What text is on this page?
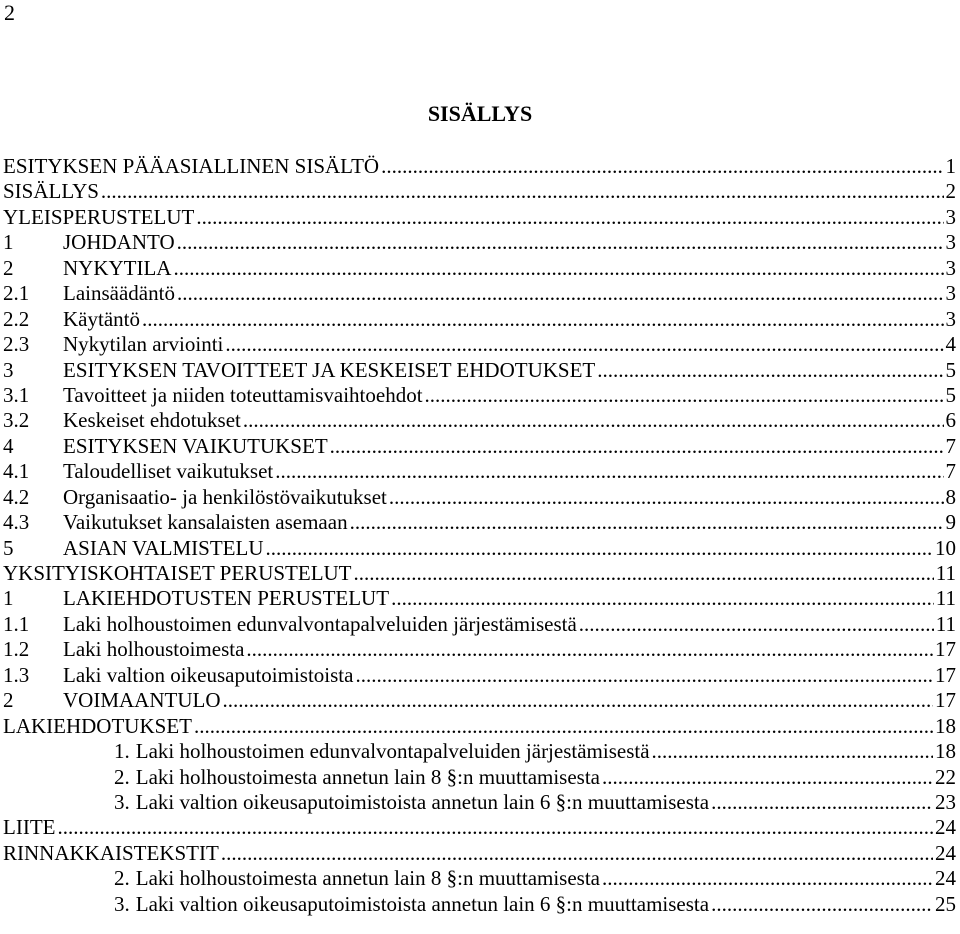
2
SISÄLLYS
ESITYKSEN PÄÄASIALLINEN SISÄLTÖ .....	1
SISÄLLYS .....	2
YLEISPERUSTELUT .....	3
1	JOHDANTO .....	3
2	NYKYTILA .....	3
2.1	Lainsäädäntö .....	3
2.2	Käytäntö .....	3
2.3	Nykytilan arviointi .....	4
3	ESITYKSEN TAVOITTEET JA KESKEISET EHDOTUKSET .....	5
3.1	Tavoitteet ja niiden toteuttamisvaihtoehdot .....	5
3.2	Keskeiset ehdotukset .....	6
4	ESITYKSEN VAIKUTUKSET .....	7
4.1	Taloudelliset vaikutukset .....	7
4.2	Organisaatio- ja henkilöstövaikutukset .....	8
4.3	Vaikutukset kansalaisten asemaan .....	9
5	ASIAN VALMISTELU .....	10
YKSITYISKOHTAISET PERUSTELUT .....	11
1	LAKIEHDOTUSTEN PERUSTELUT .....	11
1.1	Laki holhoustoimen edunvalvontapalveluiden järjestämisestä .....	11
1.2	Laki holhoustoimesta .....	17
1.3	Laki valtion oikeusaputoimistoista .....	17
2	VOIMAANTULO .....	17
LAKIEHDOTUKSET .....	18
1. Laki holhoustoimen edunvalvontapalveluiden järjestämisestä .....	18
2. Laki holhoustoimesta annetun lain 8 §:n muuttamisesta .....	22
3. Laki valtion oikeusaputoimistoista annetun lain 6 §:n muuttamisesta .....	23
LIITE .....	24
RINNAKKAISTEKSTIT .....	24
2. Laki holhoustoimesta annetun lain 8 §:n muuttamisesta .....	24
3. Laki valtion oikeusaputoimistoista annetun lain 6 §:n muuttamisesta .....	25
